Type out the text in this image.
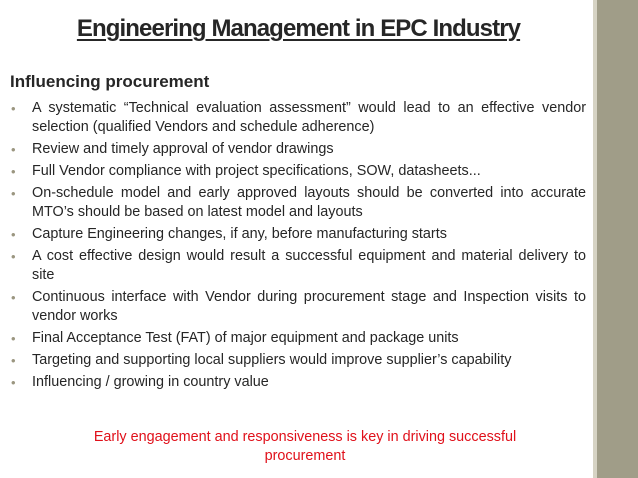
Engineering Management in EPC Industry
Influencing procurement
• A systematic “Technical evaluation assessment” would lead to an effective vendor selection (qualified Vendors and schedule adherence)
• Review and timely approval of vendor drawings
• Full Vendor compliance with project specifications, SOW, datasheets...
• On-schedule model and early approved layouts should be converted into accurate MTO’s should be based on latest model and layouts
• Capture Engineering changes, if any, before manufacturing starts
• A cost effective design would result a successful equipment and material delivery to site
• Continuous interface with Vendor during procurement stage and Inspection visits to vendor works
• Final Acceptance Test (FAT) of major equipment and package units
• Targeting and supporting local suppliers would improve supplier’s capability
• Influencing / growing in country value
Early engagement and responsiveness is key in driving successful procurement
